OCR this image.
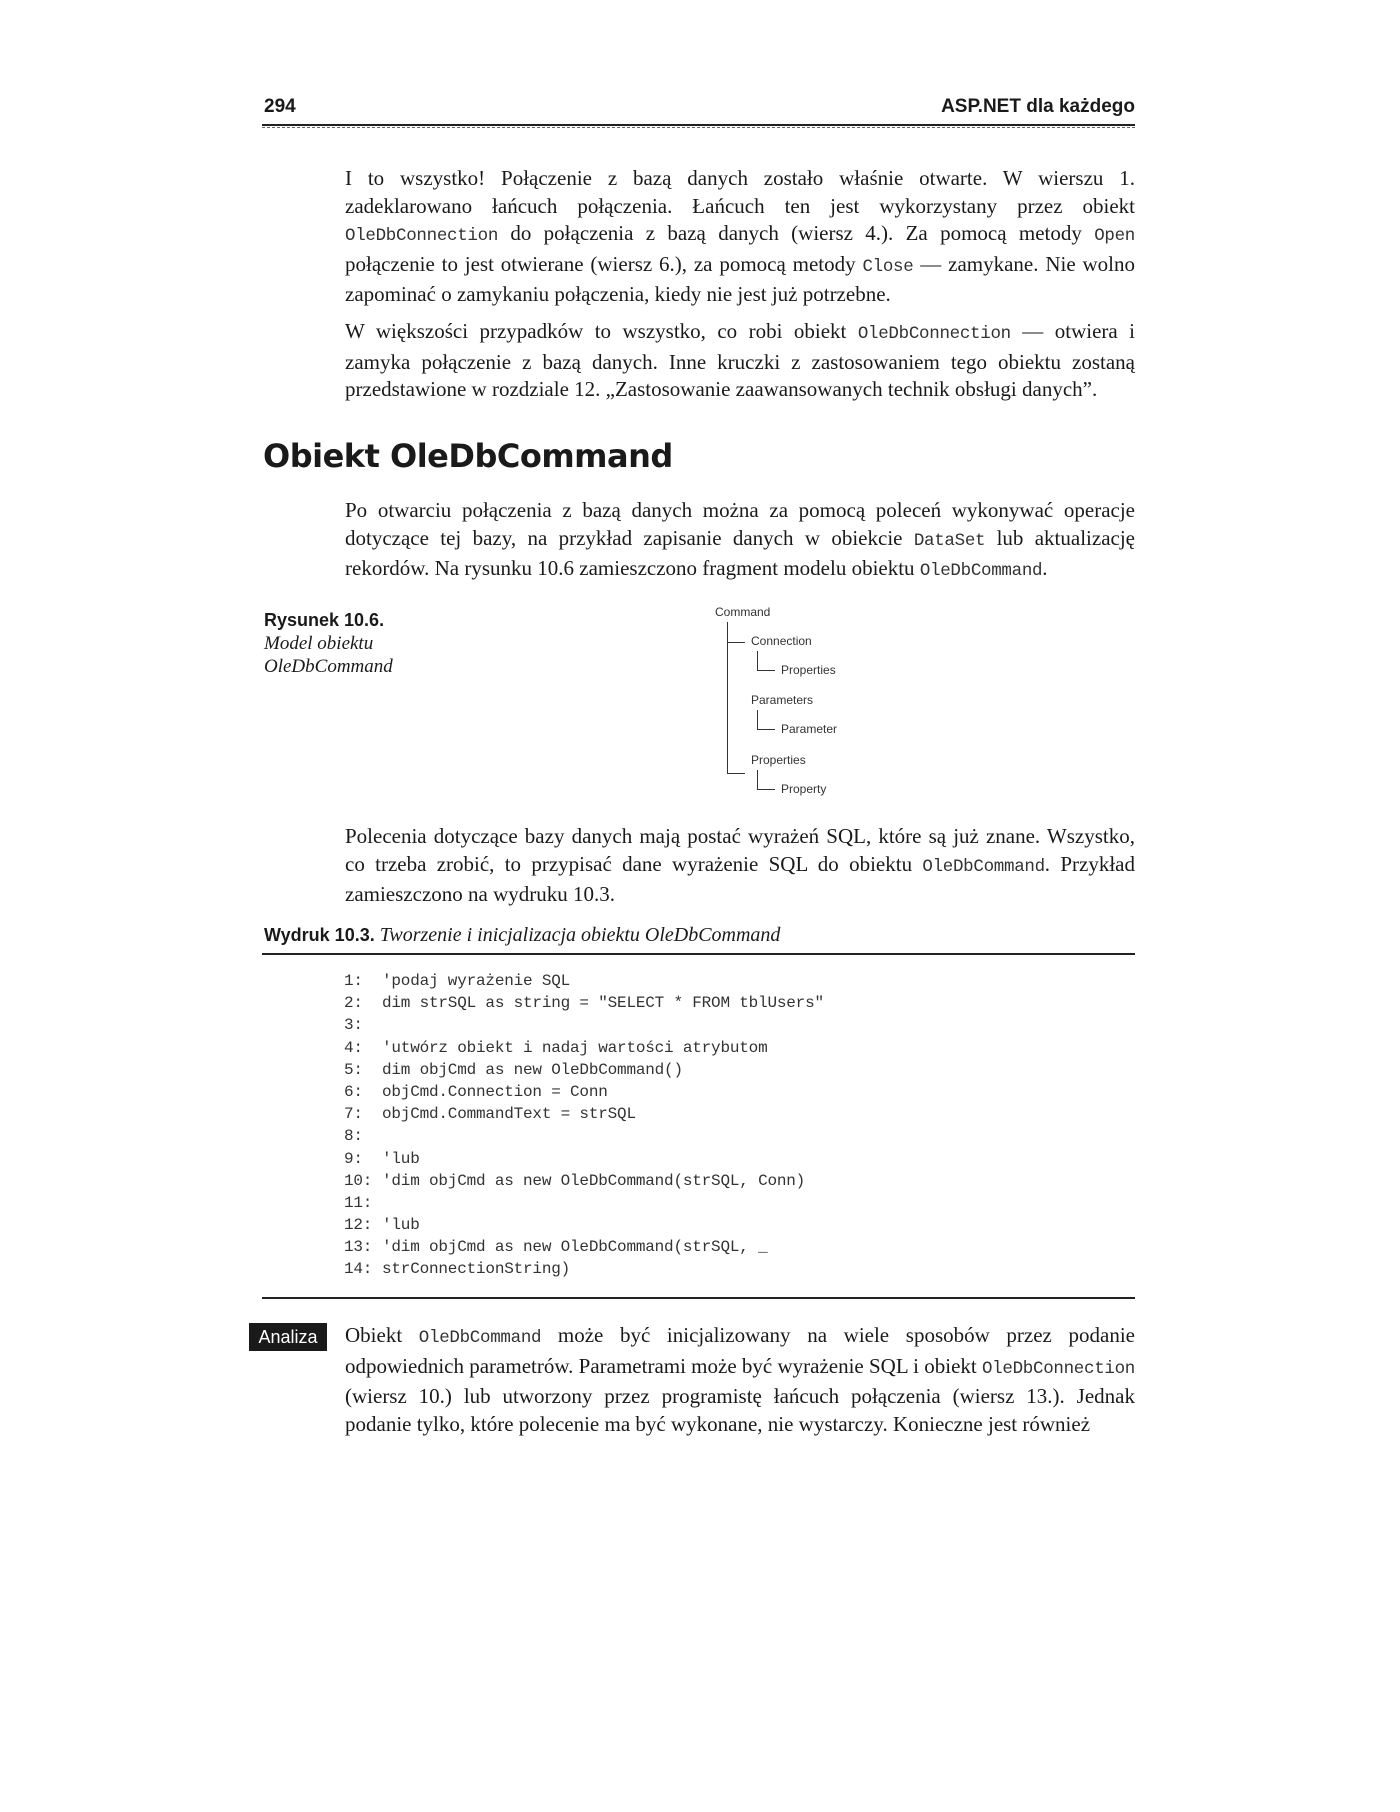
294	ASP.NET dla każdego

I to wszystko! Połączenie z bazą danych zostało właśnie otwarte. W wierszu 1. zadeklarowano łańcuch połączenia. Łańcuch ten jest wykorzystany przez obiekt OleDbConnection do połączenia z bazą danych (wiersz 4.). Za pomocą metody Open połączenie to jest otwierane (wiersz 6.), za pomocą metody Close — zamykane. Nie wolno zapominać o zamykaniu połączenia, kiedy nie jest już potrzebne.

W większości przypadków to wszystko, co robi obiekt OleDbConnection — otwiera i zamyka połączenie z bazą danych. Inne kruczki z zastosowaniem tego obiektu zostaną przedstawione w rozdziale 12. „Zastosowanie zaawansowanych technik obsługi danych”.

Obiekt OleDbCommand

Po otwarciu połączenia z bazą danych można za pomocą poleceń wykonywać operacje dotyczące tej bazy, na przykład zapisanie danych w obiekcie DataSet lub aktualizację rekordów. Na rysunku 10.6 zamieszczono fragment modelu obiektu OleDbCommand.

Rysunek 10.6.
Model obiektu
OleDbCommand
Command
Connection
Properties
Parameters
Parameter
Properties
Property

Polecenia dotyczące bazy danych mają postać wyrażeń SQL, które są już znane. Wszystko, co trzeba zrobić, to przypisać dane wyrażenie SQL do obiektu OleDbCommand. Przykład zamieszczono na wydruku 10.3.

Wydruk 10.3. Tworzenie i inicjalizacja obiektu OleDbCommand
1: 'podaj wyrażenie SQL
2: dim strSQL as string = "SELECT * FROM tblUsers"
3:
4: 'utwórz obiekt i nadaj wartości atrybutom
5: dim objCmd as new OleDbCommand()
6: objCmd.Connection = Conn
7: objCmd.CommandText = strSQL
8:
9: 'lub
10: 'dim objCmd as new OleDbCommand(strSQL, Conn)
11:
12: 'lub
13: 'dim objCmd as new OleDbCommand(strSQL, _
14: strConnectionString)
Analiza	Obiekt OleDbCommand może być inicjalizowany na wiele sposobów przez podanie odpowiednich parametrów. Parametrami może być wyrażenie SQL i obiekt OleDbConnection (wiersz 10.) lub utworzony przez programistę łańcuch połączenia (wiersz 13.). Jednak podanie tylko, które polecenie ma być wykonane, nie wystarczy. Konieczne jest również
